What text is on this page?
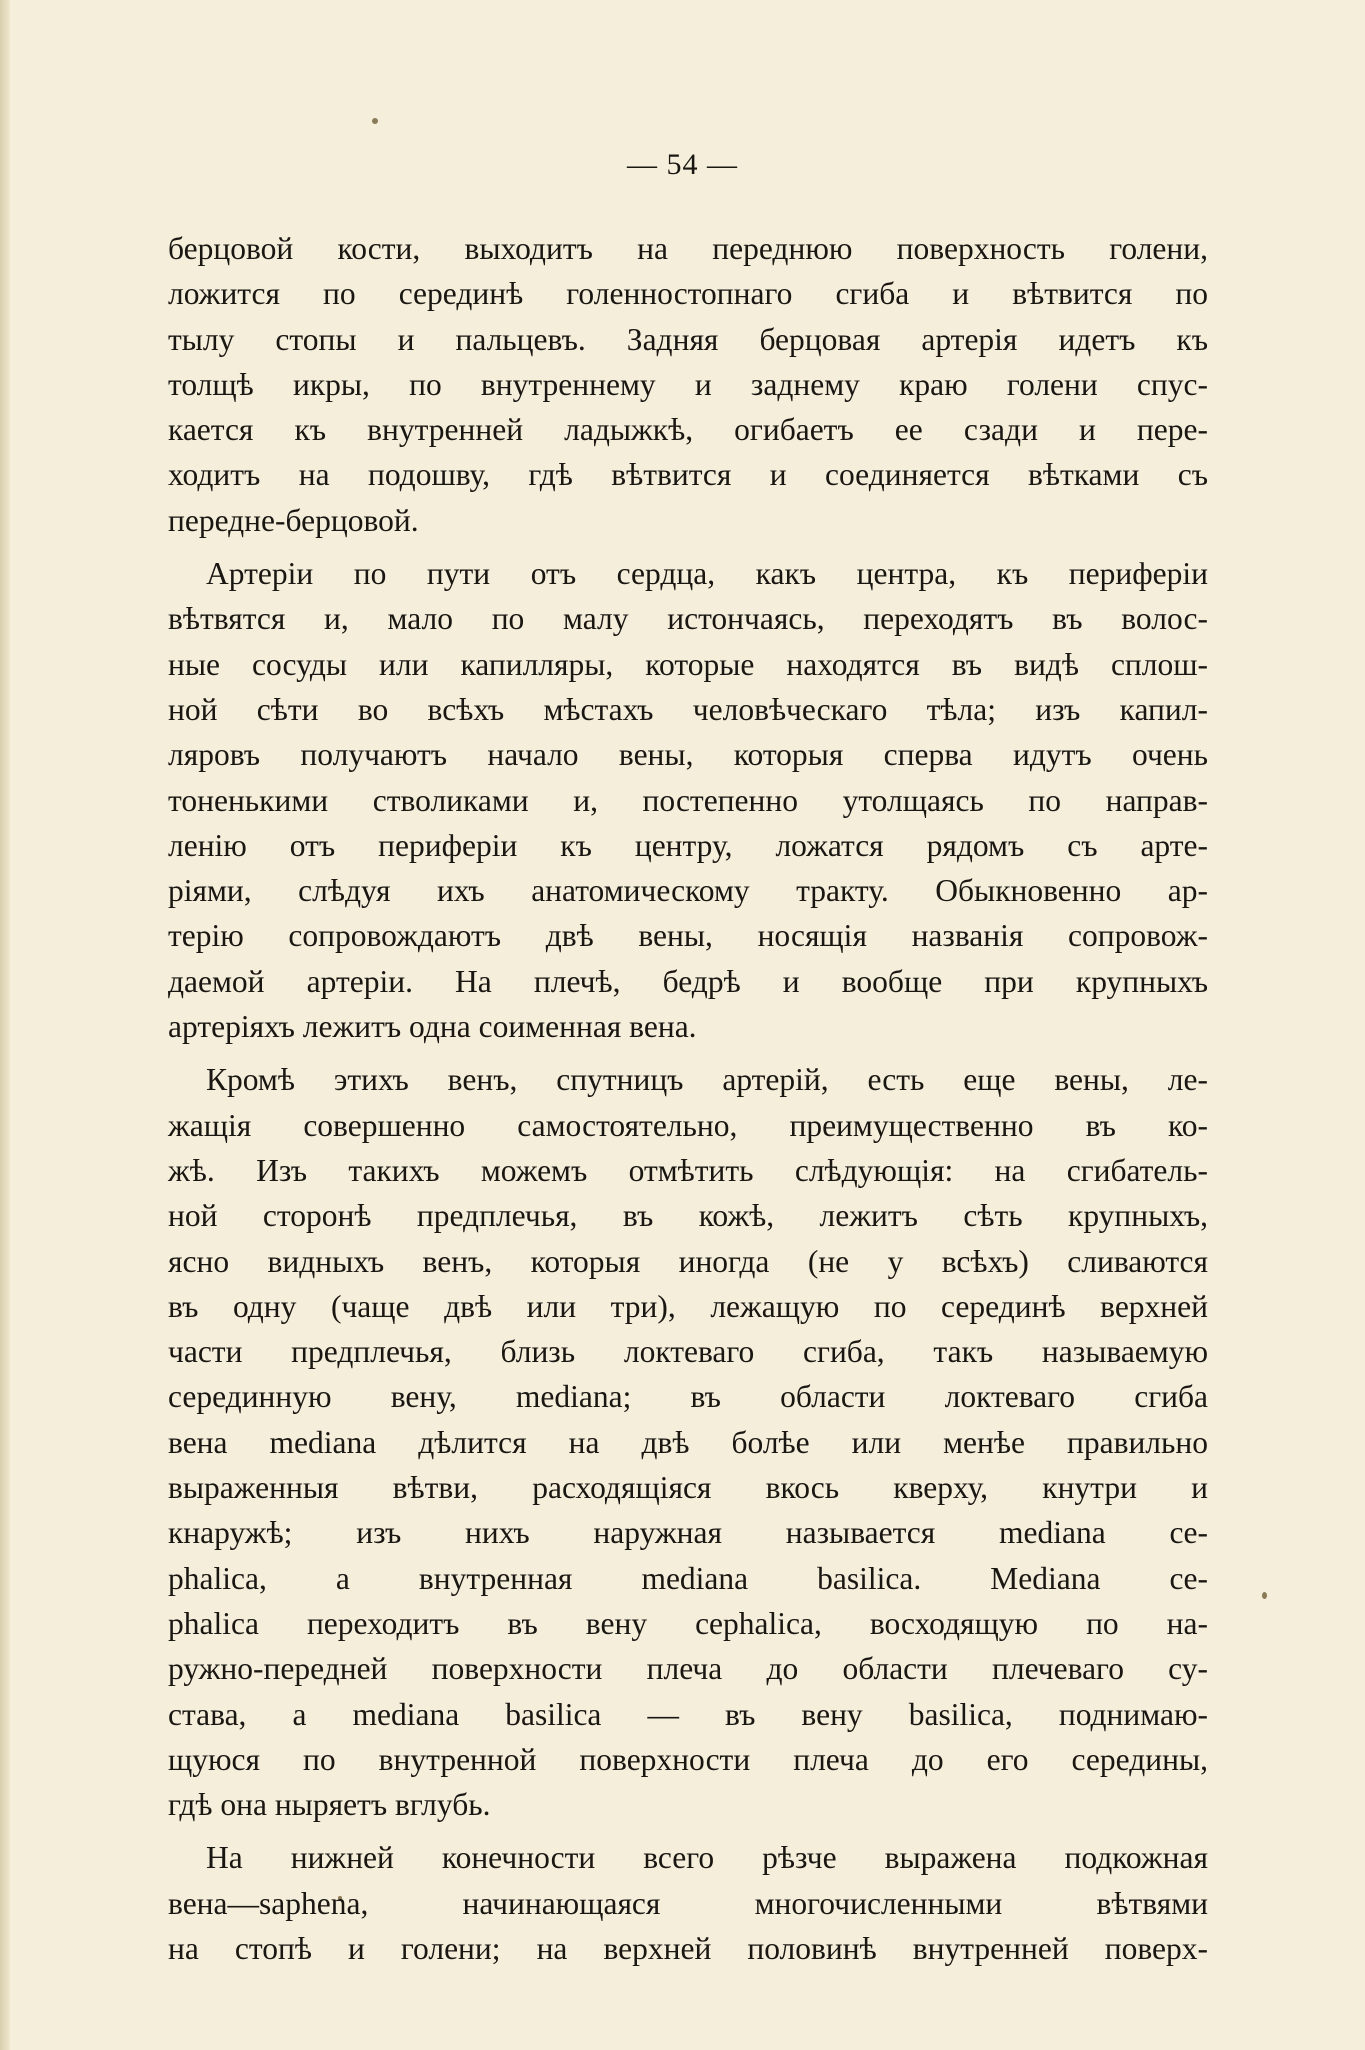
— 54 —
берцовой кости, выходитъ на переднюю поверхность голени,
ложится по серединѣ голенностопнаго сгиба и вѣтвится по
тылу стопы и пальцевъ. Задняя берцовая артерія идетъ къ
толщѣ икры, по внутреннему и заднему краю голени спус-
кается къ внутренней ладыжкѣ, огибаетъ ее сзади и пере-
ходитъ на подошву, гдѣ вѣтвится и соединяется вѣтками съ
передне-берцовой.
Артеріи по пути отъ сердца, какъ центра, къ периферіи
вѣтвятся и, мало по малу истончаясь, переходятъ въ волос-
ные сосуды или капилляры, которые находятся въ видѣ сплош-
ной сѣти во всѣхъ мѣстахъ человѣческаго тѣла; изъ капил-
ляровъ получаютъ начало вены, которыя сперва идутъ очень
тоненькими стволиками и, постепенно утолщаясь по направ-
ленію отъ периферіи къ центру, ложатся рядомъ съ арте-
ріями, слѣдуя ихъ анатомическому тракту. Обыкновенно ар-
терію сопровождаютъ двѣ вены, носящія названія сопровож-
даемой артеріи. На плечѣ, бедрѣ и вообще при крупныхъ
артеріяхъ лежитъ одна соименная вена.
Кромѣ этихъ венъ, спутницъ артерій, есть еще вены, ле-
жащія совершенно самостоятельно, преимущественно въ ко-
жѣ. Изъ такихъ можемъ отмѣтить слѣдующія: на сгибатель-
ной сторонѣ предплечья, въ кожѣ, лежитъ сѣть крупныхъ,
ясно видныхъ венъ, которыя иногда (не у всѣхъ) сливаются
въ одну (чаще двѣ или три), лежащую по серединѣ верхней
части предплечья, близь локтеваго сгиба, такъ называемую
серединную вену, mediana; въ области локтеваго сгиба
вена mediana дѣлится на двѣ болѣе или менѣе правильно
выраженныя вѣтви, расходящіяся вкось кверху, кнутри и
кнаружѣ; изъ нихъ наружная называется mediana ce-
phalica, а внутренная mediana basilica. Mediana ce-
phalica переходитъ въ вену cephalica, восходящую по на-
ружно-передней поверхности плеча до области плечеваго су-
става, а mediana basilica — въ вену basilica, поднимаю-
щуюся по внутренной поверхности плеча до его середины,
гдѣ она ныряетъ вглубь.
На нижней конечности всего рѣзче выражена подкожная
вена—saphena, начинающаяся многочисленными вѣтвями
на стопѣ и голени; на верхней половинѣ внутренней поверх-
